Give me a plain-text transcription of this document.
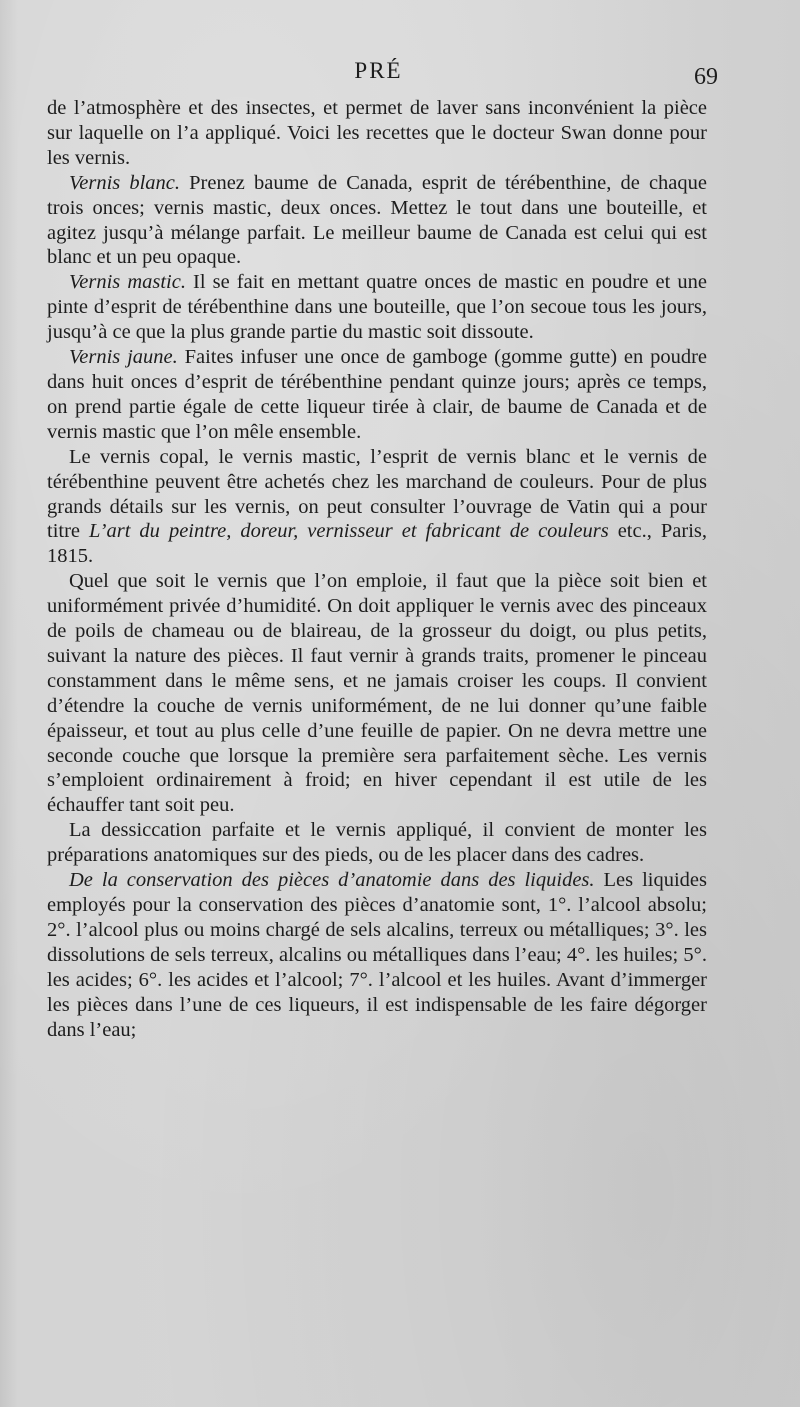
PRÉ	69

de l’atmosphère et des insectes, et permet de laver sans inconvénient la pièce sur laquelle on l’a appliqué. Voici les recettes que le docteur Swan donne pour les vernis.

Vernis blanc. Prenez baume de Canada, esprit de térébenthine, de chaque trois onces; vernis mastic, deux onces. Mettez le tout dans une bouteille, et agitez jusqu’à mélange parfait. Le meilleur baume de Canada est celui qui est blanc et un peu opaque.

Vernis mastic. Il se fait en mettant quatre onces de mastic en poudre et une pinte d’esprit de térébenthine dans une bouteille, que l’on secoue tous les jours, jusqu’à ce que la plus grande partie du mastic soit dissoute.

Vernis jaune. Faites infuser une once de gamboge (gomme gutte) en poudre dans huit onces d’esprit de térébenthine pendant quinze jours; après ce temps, on prend partie égale de cette liqueur tirée à clair, de baume de Canada et de vernis mastic que l’on mêle ensemble.

Le vernis copal, le vernis mastic, l’esprit de vernis blanc et le vernis de térébenthine peuvent être achetés chez les marchand de couleurs. Pour de plus grands détails sur les vernis, on peut consulter l’ouvrage de Vatin qui a pour titre L’art du peintre, doreur, vernisseur et fabricant de couleurs etc., Paris, 1815.

Quel que soit le vernis que l’on emploie, il faut que la pièce soit bien et uniformément privée d’humidité. On doit appliquer le vernis avec des pinceaux de poils de chameau ou de blaireau, de la grosseur du doigt, ou plus petits, suivant la nature des pièces. Il faut vernir à grands traits, promener le pinceau constamment dans le même sens, et ne jamais croiser les coups. Il convient d’étendre la couche de vernis uniformément, de ne lui donner qu’une faible épaisseur, et tout au plus celle d’une feuille de papier. On ne devra mettre une seconde couche que lorsque la première sera parfaitement sèche. Les vernis s’emploient ordinairement à froid; en hiver cependant il est utile de les échauffer tant soit peu.

La dessiccation parfaite et le vernis appliqué, il convient de monter les préparations anatomiques sur des pieds, ou de les placer dans des cadres.

De la conservation des pièces d’anatomie dans des liquides. Les liquides employés pour la conservation des pièces d’anatomie sont, 1°. l’alcool absolu; 2°. l’alcool plus ou moins chargé de sels alcalins, terreux ou métalliques; 3°. les dissolutions de sels terreux, alcalins ou métalliques dans l’eau; 4°. les huiles; 5°. les acides; 6°. les acides et l’alcool; 7°. l’alcool et les huiles. Avant d’immerger les pièces dans l’une de ces liqueurs, il est indispensable de les faire dégorger dans l’eau;
